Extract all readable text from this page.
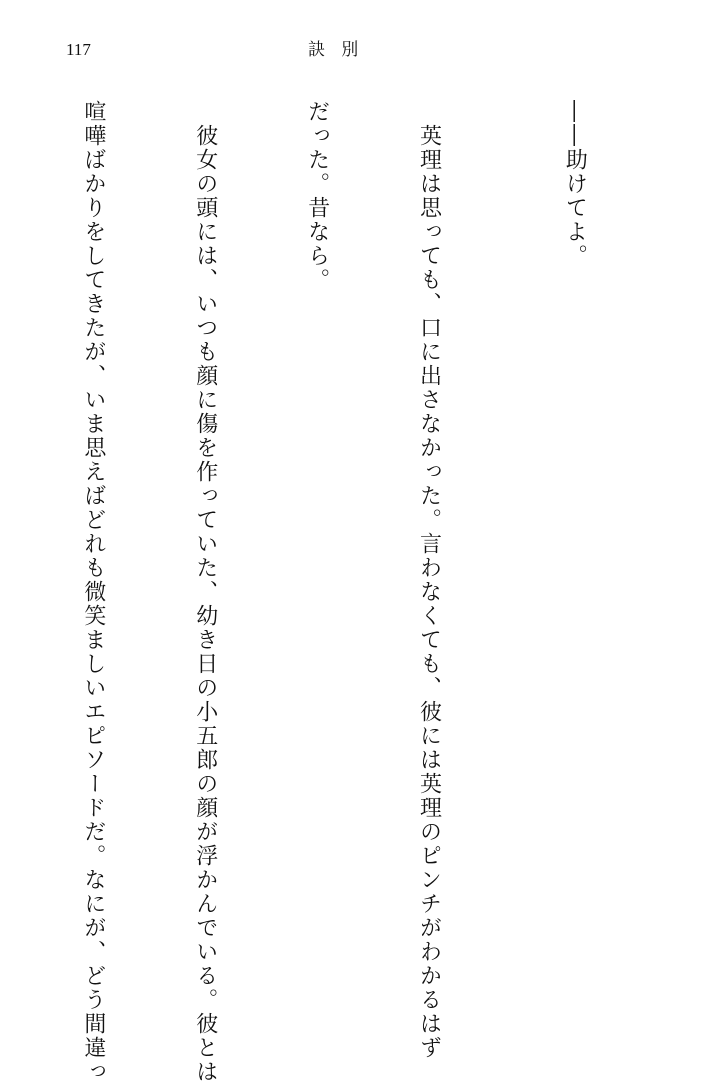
117	訣 別

――助けてよ。

　英理は思っても、口に出さなかった。言わなくても、彼には英理のピンチがわかるはず

だった。昔なら。

　彼女の頭には、いつも顔に傷を作っていた、幼き日の小五郎の顔が浮かんでいる。彼とは

喧嘩ばかりをしてきたが、いま思えばどれも微笑ましいエピソードだ。なにが、どう間違っ
